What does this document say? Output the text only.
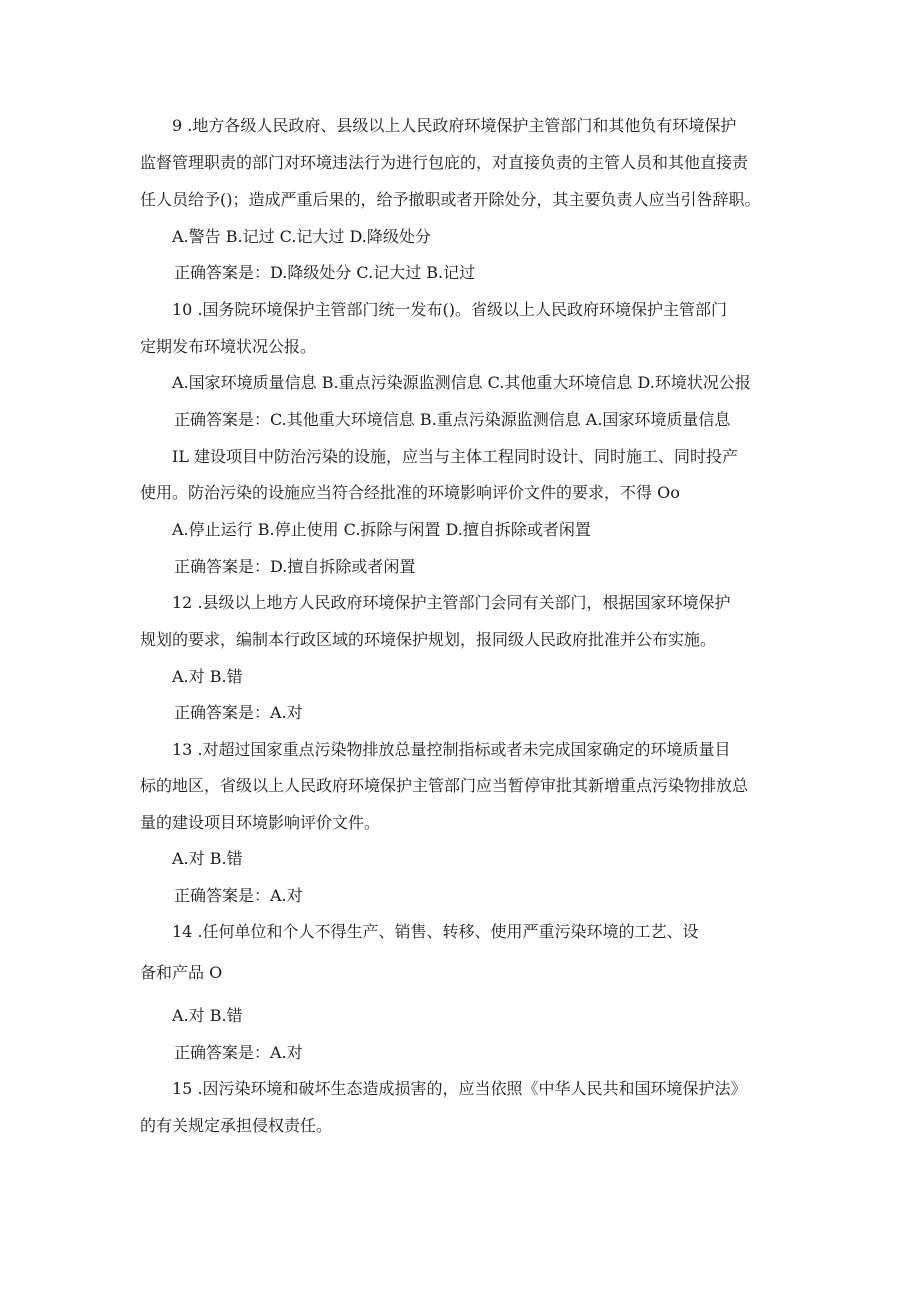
9 .地方各级人民政府、县级以上人民政府环境保护主管部门和其他负有环境保护

监督管理职责的部门对环境违法行为进行包庇的，对直接负责的主管人员和其他直接责

任人员给予()；造成严重后果的，给予撤职或者开除处分，其主要负责人应当引咎辞职。

A.警告 B.记过 C.记大过 D.降级处分

正确答案是：D.降级处分 C.记大过 B.记过

10 .国务院环境保护主管部门统一发布()。省级以上人民政府环境保护主管部门

定期发布环境状况公报。

A.国家环境质量信息 B.重点污染源监测信息 C.其他重大环境信息 D.环境状况公报

正确答案是：C.其他重大环境信息 B.重点污染源监测信息 A.国家环境质量信息

IL 建设项目中防治污染的设施，应当与主体工程同时设计、同时施工、同时投产

使用。防治污染的设施应当符合经批准的环境影响评价文件的要求，不得 Oo

A.停止运行 B.停止使用 C.拆除与闲置 D.擅自拆除或者闲置

正确答案是：D.擅自拆除或者闲置

12 .县级以上地方人民政府环境保护主管部门会同有关部门，根据国家环境保护

规划的要求，编制本行政区域的环境保护规划，报同级人民政府批准并公布实施。

A.对 B.错

正确答案是：A.对

13 .对超过国家重点污染物排放总量控制指标或者未完成国家确定的环境质量目

标的地区，省级以上人民政府环境保护主管部门应当暂停审批其新增重点污染物排放总

量的建设项目环境影响评价文件。

A.对 B.错

正确答案是：A.对

14 .任何单位和个人不得生产、销售、转移、使用严重污染环境的工艺、设

备和产品 O

A.对 B.错

正确答案是：A.对

15 .因污染环境和破坏生态造成损害的，应当依照《中华人民共和国环境保护法》

的有关规定承担侵权责任。
